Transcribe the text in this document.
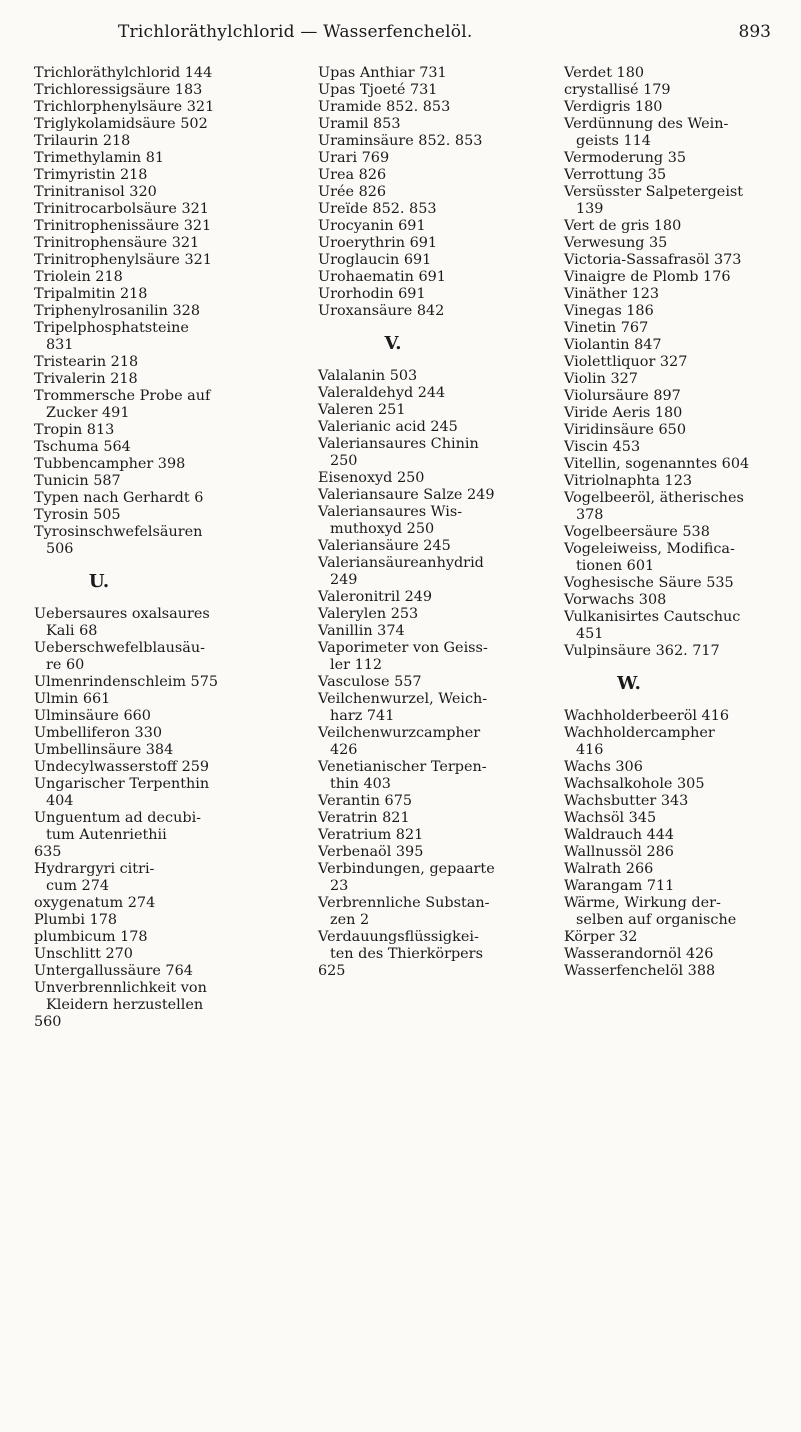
Trichloräthylchlorid — Wasserfenchelöl.	893
Trichloräthylchlorid 144
Trichloressigsäure 183
Trichlorphenylsäure 321
Triglykolamidsäure 502
Trilaurin 218
Trimethylamin 81
Trimyristin 218
Trinitranisol 320
Trinitrocarbolsäure 321
Trinitrophenissäure 321
Trinitrophensäure 321
Trinitrophenylsäure 321
Triolein 218
Tripalmitin 218
Triphenylrosanilin 328
Tripelphosphatsteine
831
Tristearin 218
Trivalerin 218
Trommersche Probe auf
Zucker 491
Tropin 813
Tschuma 564
Tubbencampher 398
Tunicin 587
Typen nach Gerhardt 6
Tyrosin 505
Tyrosinschwefelsäuren
506
U.
Uebersaures oxalsaures
Kali 68
Ueberschwefelblausäu-
re 60
Ulmenrindenschleim 575
Ulmin 661
Ulminsäure 660
Umbelliferon 330
Umbellinsäure 384
Undecylwasserstoff 259
Ungarischer Terpenthin
404
Unguentum ad decubi-
tum Autenriethii
635
Hydrargyri citri-
cum 274
oxygenatum 274
Plumbi 178
plumbicum 178
Unschlitt 270
Untergallussäure 764
Unverbrennlichkeit von
Kleidern herzustellen
560
Upas Anthiar 731
Upas Tjoeté 731
Uramide 852. 853
Uramil 853
Uraminsäure 852. 853
Urari 769
Urea 826
Urée 826
Ureïde 852. 853
Urocyanin 691
Uroerythrin 691
Uroglaucin 691
Urohaematin 691
Urorhodin 691
Uroxansäure 842
V.
Valalanin 503
Valeraldehyd 244
Valeren 251
Valerianic acid 245
Valeriansaures Chinin
250
Eisenoxyd 250
Valeriansaure Salze 249
Valeriansaures Wis-
muthoxyd 250
Valeriansäure 245
Valeriansäureanhydrid
249
Valeronitril 249
Valerylen 253
Vanillin 374
Vaporimeter von Geiss-
ler 112
Vasculose 557
Veilchenwurzel, Weich-
harz 741
Veilchenwurzcampher
426
Venetianischer Terpen-
thin 403
Verantin 675
Veratrin 821
Veratrium 821
Verbenaöl 395
Verbindungen, gepaarte
23
Verbrennliche Substan-
zen 2
Verdauungsflüssigkei-
ten des Thierkörpers
625
Verdet 180
crystallisé 179
Verdigris 180
Verdünnung des Wein-
geists 114
Vermoderung 35
Verrottung 35
Versüsster Salpetergeist
139
Vert de gris 180
Verwesung 35
Victoria-Sassafrasöl 373
Vinaigre de Plomb 176
Vinäther 123
Vinegas 186
Vinetin 767
Violantin 847
Violettliquor 327
Violin 327
Violursäure 897
Viride Aeris 180
Viridinsäure 650
Viscin 453
Vitellin, sogenanntes 604
Vitriolnaphta 123
Vogelbeeröl, ätherisches
378
Vogelbeersäure 538
Vogeleiweiss, Modifica-
tionen 601
Voghesische Säure 535
Vorwachs 308
Vulkanisirtes Cautschuc
451
Vulpinsäure 362. 717
W.
Wachholderbeeröl 416
Wachholdercampher
416
Wachs 306
Wachsalkohole 305
Wachsbutter 343
Wachsöl 345
Waldrauch 444
Wallnussöl 286
Walrath 266
Warangam 711
Wärme, Wirkung der-
selben auf organische
Körper 32
Wasserandornöl 426
Wasserfenchelöl 388
